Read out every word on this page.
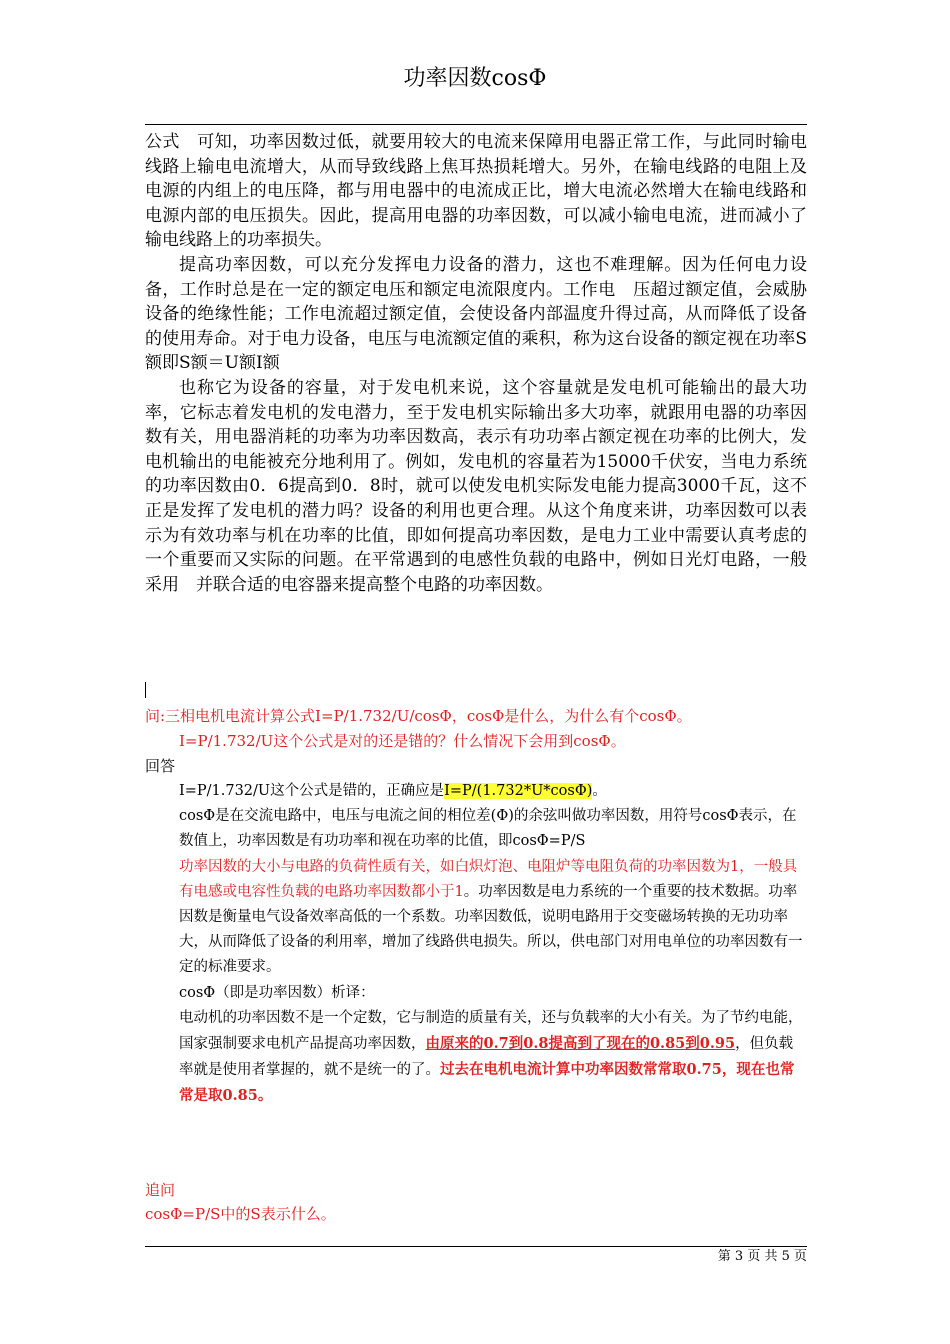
功率因数cosΦ

公式　可知，功率因数过低，就要用较大的电流来保障用电器正常工作，与此同时输电线路上输电电流增大，从而导致线路上焦耳热损耗增大。另外，在输电线路的电阻上及电源的内组上的电压降，都与用电器中的电流成正比，增大电流必然增大在输电线路和电源内部的电压损失。因此，提高用电器的功率因数，可以减小输电电流，进而减小了输电线路上的功率损失。

提高功率因数，可以充分发挥电力设备的潜力，这也不难理解。因为任何电力设备，工作时总是在一定的额定电压和额定电流限度内。工作电　压超过额定值，会威胁设备的绝缘性能；工作电流超过额定值，会使设备内部温度升得过高，从而降低了设备的使用寿命。对于电力设备，电压与电流额定值的乘积，称为这台设备的额定视在功率S额即S额＝U额I额

也称它为设备的容量，对于发电机来说，这个容量就是发电机可能输出的最大功率，它标志着发电机的发电潜力，至于发电机实际输出多大功率，就跟用电器的功率因数有关，用电器消耗的功率为功率因数高，表示有功功率占额定视在功率的比例大，发电机输出的电能被充分地利用了。例如，发电机的容量若为15000千伏安，当电力系统　的功率因数由0．6提高到0．8时，就可以使发电机实际发电能力提高3000千瓦，这不正是发挥了发电机的潜力吗？设备的利用也更合理。从这个角度来讲，功率因数可以表示为有效功率与机在功率的比值，即如何提高功率因数，是电力工业中需要认真考虑的一个重要而又实际的问题。在平常遇到的电感性负载的电路中，例如日光灯电路，一般采用　并联合适的电容器来提高整个电路的功率因数。

问:三相电机电流计算公式I=P/1.732/U/cosΦ，cosΦ是什么，为什么有个cosΦ。

I=P/1.732/U这个公式是对的还是错的？什么情况下会用到cosΦ。

回答

I=P/1.732/U这个公式是错的，正确应是I=P/(1.732*U*cosΦ)。

cosΦ是在交流电路中，电压与电流之间的相位差(Φ)的余弦叫做功率因数，用符号cosΦ表示，在数值上，功率因数是有功功率和视在功率的比值，即cosΦ=P/S

功率因数的大小与电路的负荷性质有关，如白炽灯泡、电阻炉等电阻负荷的功率因数为1，一般具有电感或电容性负载的电路功率因数都小于1。功率因数是电力系统的一个重要的技术数据。功率因数是衡量电气设备效率高低的一个系数。功率因数低，说明电路用于交变磁场转换的无功功率大，从而降低了设备的利用率，增加了线路供电损失。所以，供电部门对用电单位的功率因数有一定的标准要求。

cosΦ（即是功率因数）析译：

电动机的功率因数不是一个定数，它与制造的质量有关，还与负载率的大小有关。为了节约电能，国家强制要求电机产品提高功率因数，由原来的0.7到0.8提高到了现在的0.85到0.95，但负载率就是使用者掌握的，就不是统一的了。过去在电机电流计算中功率因数常常取0.75，现在也常常是取0.85。

追问

cosΦ=P/S中的S表示什么。

第 3 页 共 5 页
